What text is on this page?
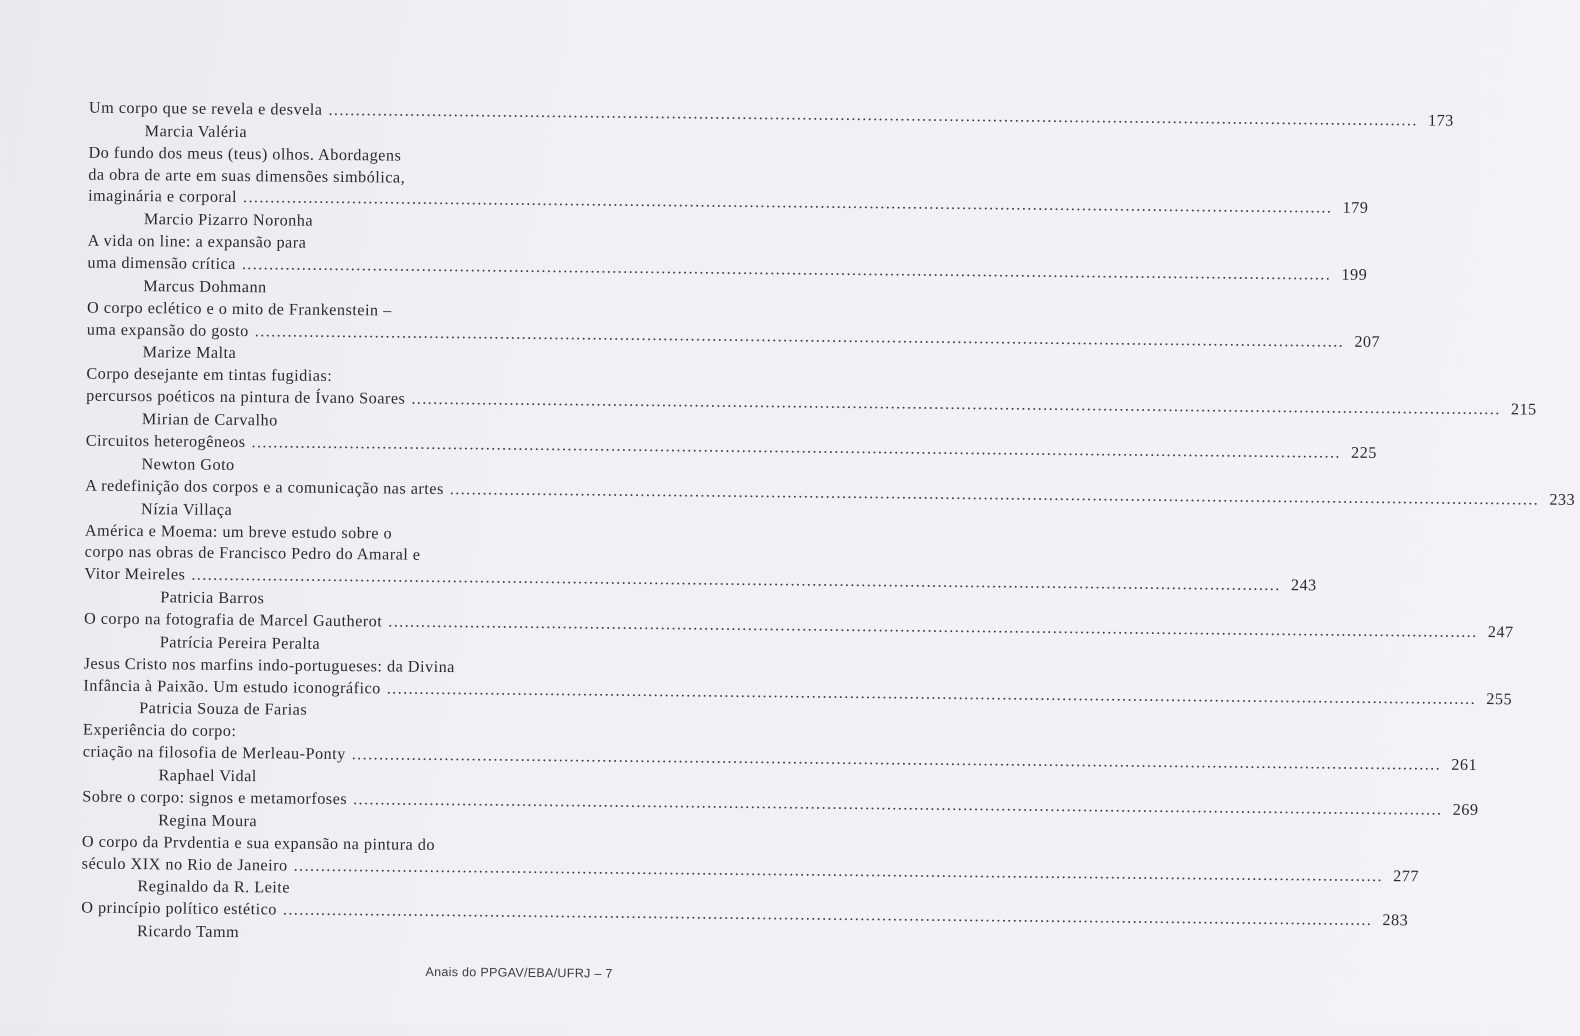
Um corpo que se revela e desvela ........................................................................................................................................................................................................ 173
Marcia Valéria
Do fundo dos meus (teus) olhos. Abordagens
da obra de arte em suas dimensões simbólica,
imaginária e corporal ........................................................................................................................................................................................................ 179
Marcio Pizarro Noronha
A vida on line: a expansão para
uma dimensão crítica ........................................................................................................................................................................................................ 199
Marcus Dohmann
O corpo eclético e o mito de Frankenstein –
uma expansão do gosto ........................................................................................................................................................................................................ 207
Marize Malta
Corpo desejante em tintas fugidias:
percursos poéticos na pintura de Ívano Soares ........................................................................................................................................................................................................ 215
Mirian de Carvalho
Circuitos heterogêneos ........................................................................................................................................................................................................ 225
Newton Goto
A redefinição dos corpos e a comunicação nas artes ........................................................................................................................................................................................................ 233
Nízia Villaça
América e Moema: um breve estudo sobre o
corpo nas obras de Francisco Pedro do Amaral e
Vitor Meireles ........................................................................................................................................................................................................ 243
Patricia Barros
O corpo na fotografia de Marcel Gautherot ........................................................................................................................................................................................................ 247
Patrícia Pereira Peralta
Jesus Cristo nos marfins indo-portugueses: da Divina
Infância à Paixão. Um estudo iconográfico ........................................................................................................................................................................................................ 255
Patricia Souza de Farias
Experiência do corpo:
criação na filosofia de Merleau-Ponty ........................................................................................................................................................................................................ 261
Raphael Vidal
Sobre o corpo: signos e metamorfoses ........................................................................................................................................................................................................ 269
Regina Moura
O corpo da Prvdentia e sua expansão na pintura do
século XIX no Rio de Janeiro ........................................................................................................................................................................................................ 277
Reginaldo da R. Leite
O princípio político estético ........................................................................................................................................................................................................ 283
Ricardo Tamm
Anais do PPGAV/EBA/UFRJ – 7
